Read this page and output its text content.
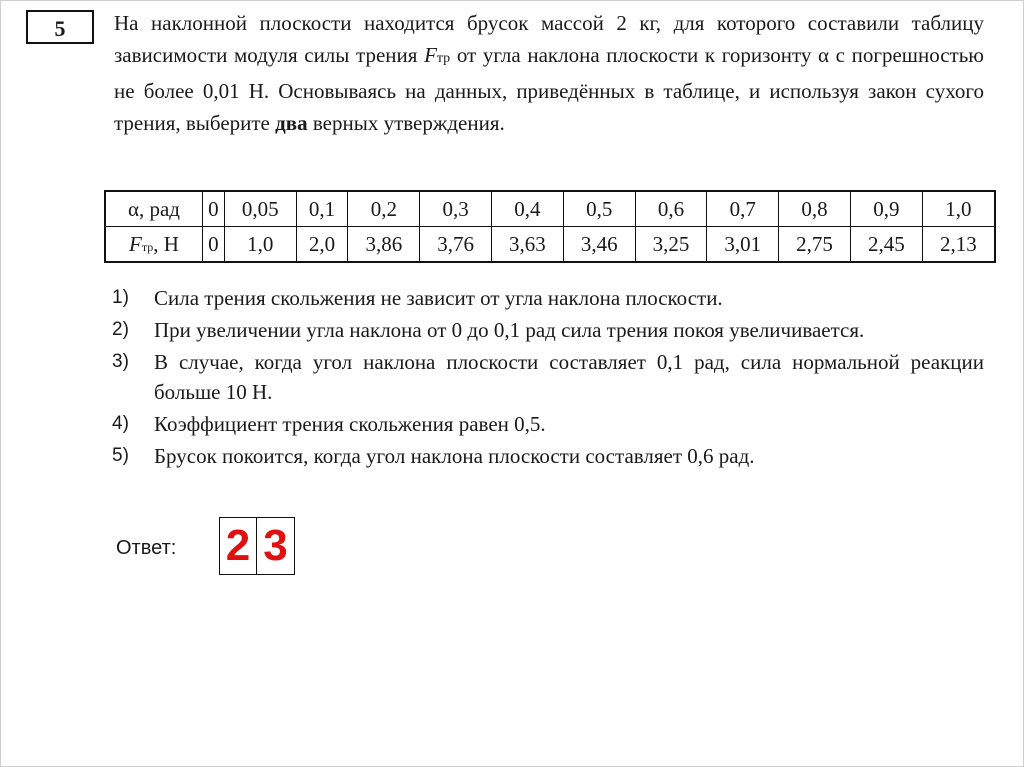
5	На наклонной плоскости находится брусок массой 2 кг, для которого составили таблицу зависимости модуля силы трения Fтр от угла наклона плоскости к горизонту α с погрешностью не более 0,01 Н. Основываясь на данных, приведённых в таблице, и используя закон сухого трения, выберите два верных утверждения.

α, рад	0	0,05	0,1	0,2	0,3	0,4	0,5	0,6	0,7	0,8	0,9	1,0
Fтр, Н	0	1,0	2,0	3,86	3,76	3,63	3,46	3,25	3,01	2,75	2,45	2,13
1)	Сила трения скольжения не зависит от угла наклона плоскости.
2)	При увеличении угла наклона от 0 до 0,1 рад сила трения покоя увеличивается.
3)	В случае, когда угол наклона плоскости составляет 0,1 рад, сила нормальной реакции больше 10 Н.
4)	Коэффициент трения скольжения равен 0,5.
5)	Брусок покоится, когда угол наклона плоскости составляет 0,6 рад.
Ответ: 2 3
